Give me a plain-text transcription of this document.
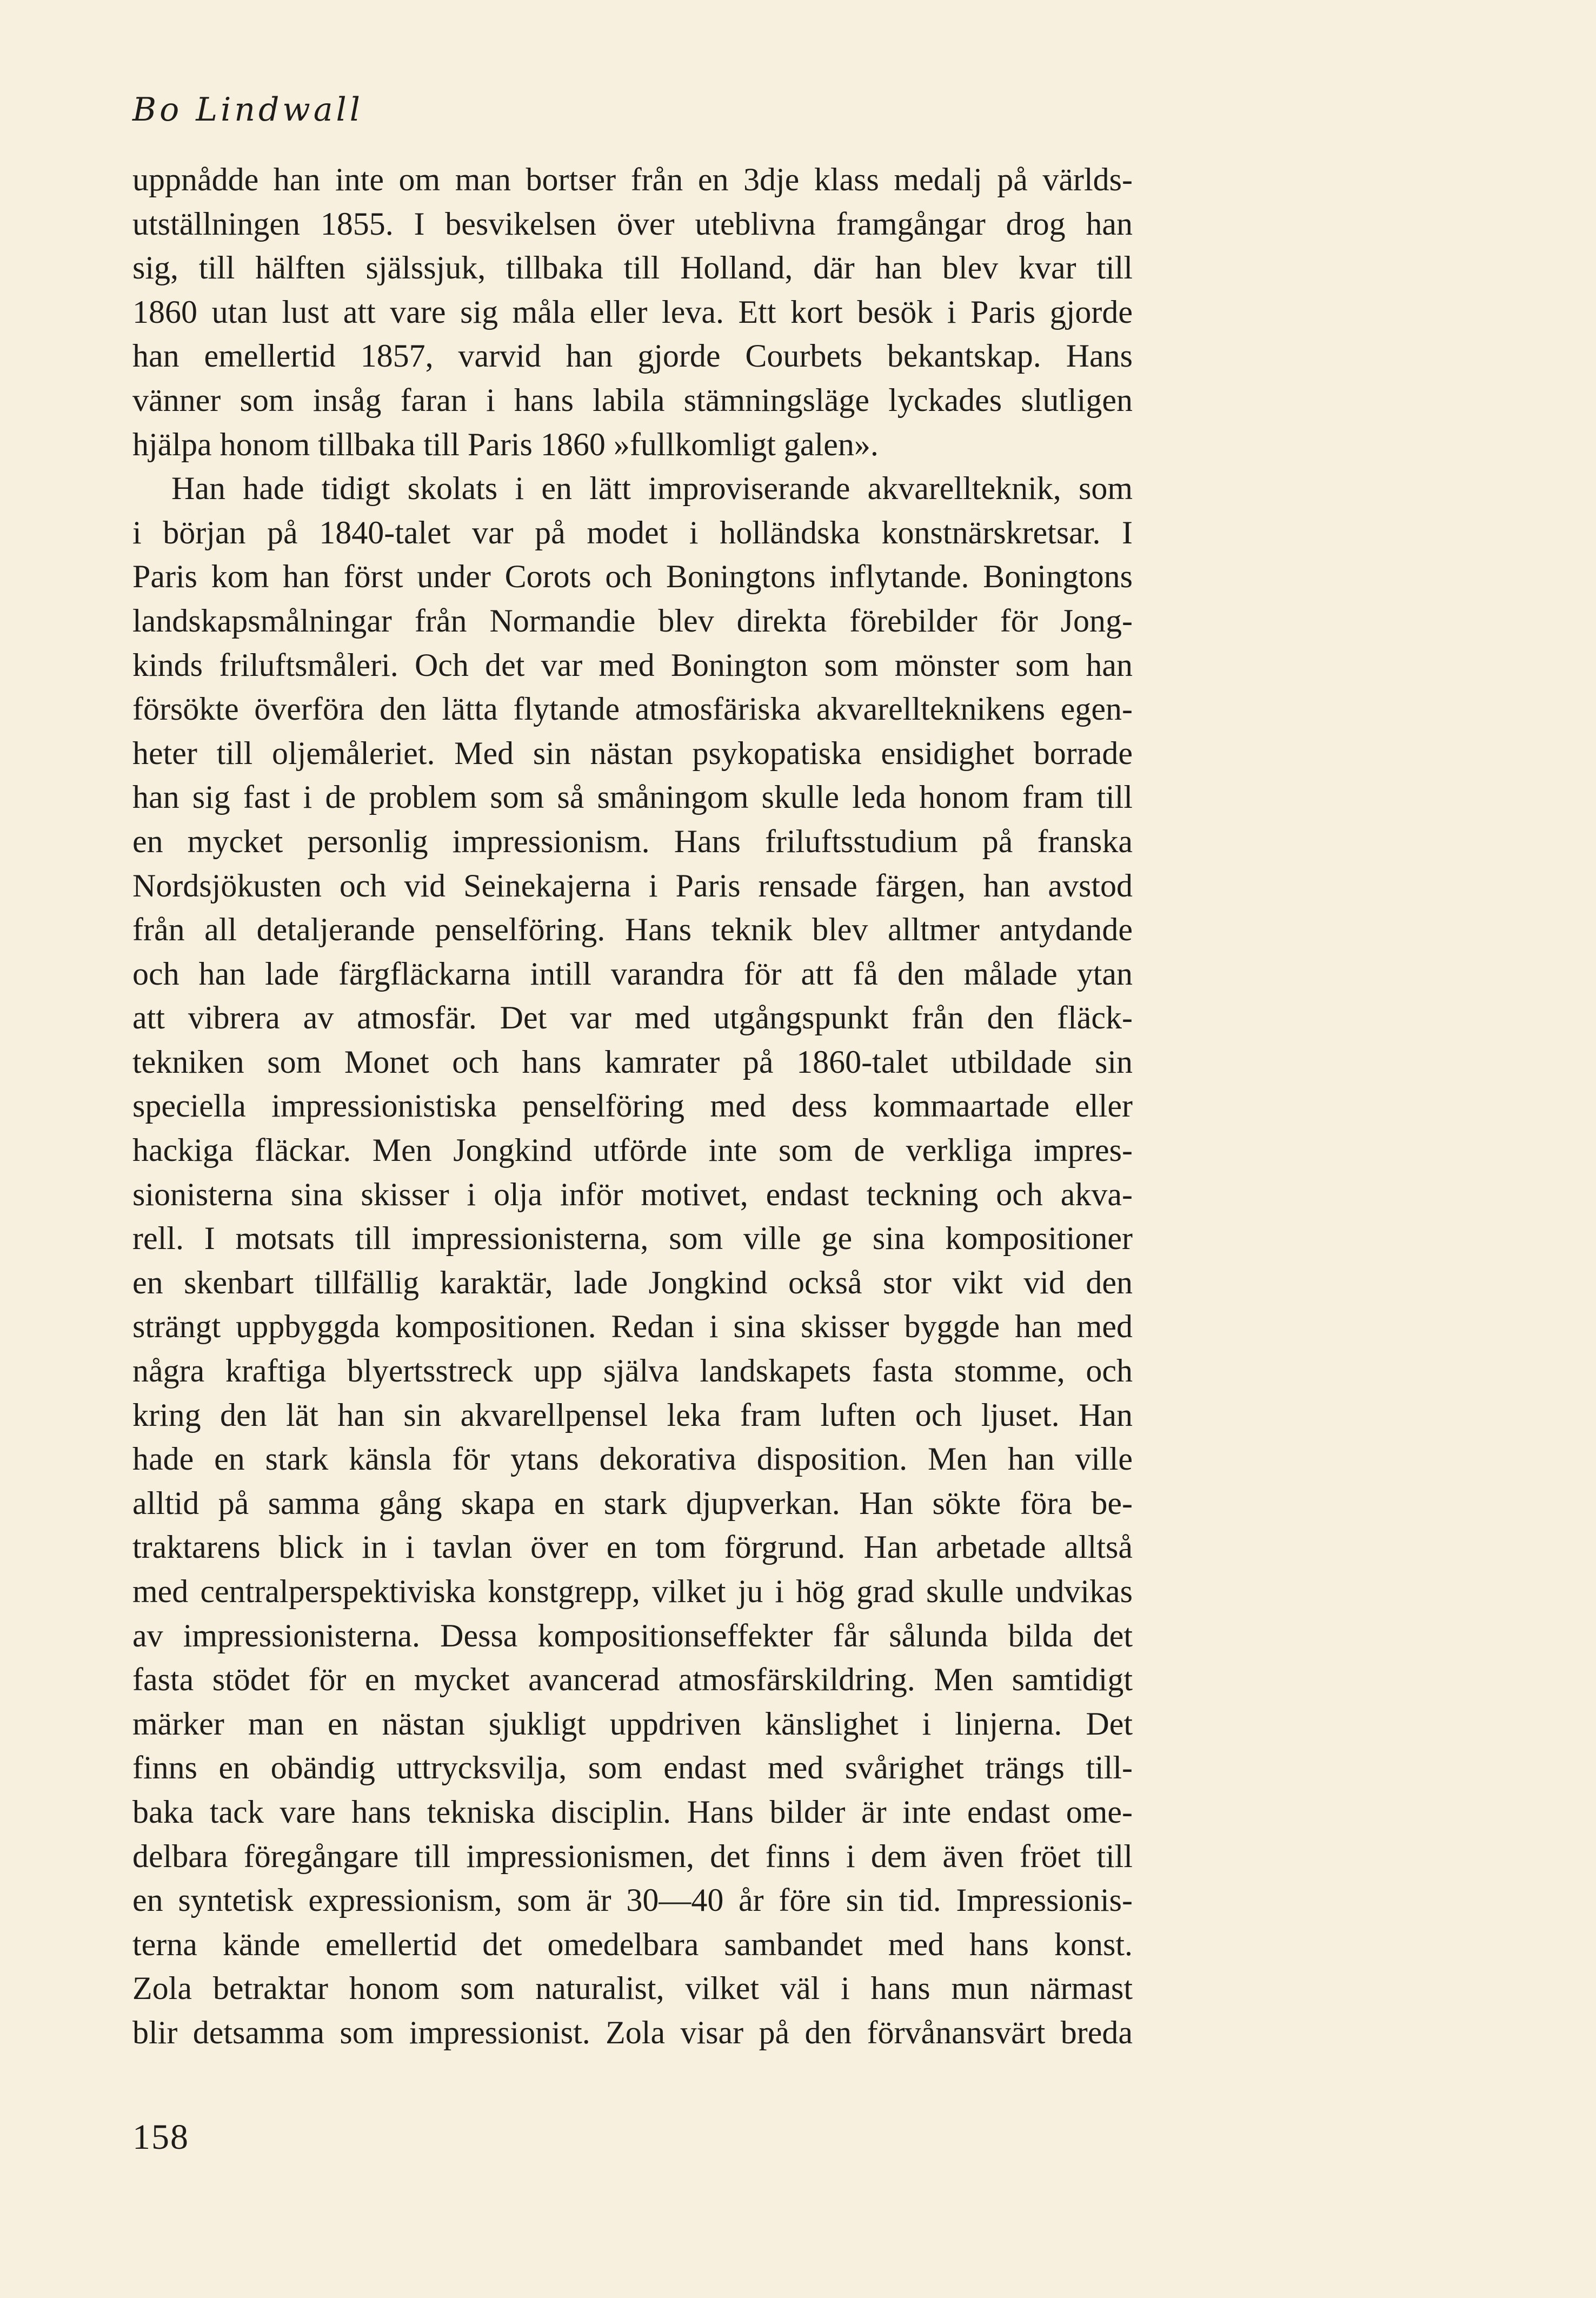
Bo Lindwall
uppnådde han inte om man bortser från en 3dje klass medalj på världs-
utställningen 1855. I besvikelsen över uteblivna framgångar drog han
sig, till hälften själssjuk, tillbaka till Holland, där han blev kvar till
1860 utan lust att vare sig måla eller leva. Ett kort besök i Paris gjorde
han emellertid 1857, varvid han gjorde Courbets bekantskap. Hans
vänner som insåg faran i hans labila stämningsläge lyckades slutligen
hjälpa honom tillbaka till Paris 1860 »fullkomligt galen».
Han hade tidigt skolats i en lätt improviserande akvarellteknik, som
i början på 1840-talet var på modet i holländska konstnärskretsar. I
Paris kom han först under Corots och Boningtons inflytande. Boningtons
landskapsmålningar från Normandie blev direkta förebilder för Jong-
kinds friluftsmåleri. Och det var med Bonington som mönster som han
försökte överföra den lätta flytande atmosfäriska akvarellteknikens egen-
heter till oljemåleriet. Med sin nästan psykopatiska ensidighet borrade
han sig fast i de problem som så småningom skulle leda honom fram till
en mycket personlig impressionism. Hans friluftsstudium på franska
Nordsjökusten och vid Seinekajerna i Paris rensade färgen, han avstod
från all detaljerande penselföring. Hans teknik blev alltmer antydande
och han lade färgfläckarna intill varandra för att få den målade ytan
att vibrera av atmosfär. Det var med utgångspunkt från den fläck-
tekniken som Monet och hans kamrater på 1860-talet utbildade sin
speciella impressionistiska penselföring med dess kommaartade eller
hackiga fläckar. Men Jongkind utförde inte som de verkliga impres-
sionisterna sina skisser i olja inför motivet, endast teckning och akva-
rell. I motsats till impressionisterna, som ville ge sina kompositioner
en skenbart tillfällig karaktär, lade Jongkind också stor vikt vid den
strängt uppbyggda kompositionen. Redan i sina skisser byggde han med
några kraftiga blyertsstreck upp själva landskapets fasta stomme, och
kring den lät han sin akvarellpensel leka fram luften och ljuset. Han
hade en stark känsla för ytans dekorativa disposition. Men han ville
alltid på samma gång skapa en stark djupverkan. Han sökte föra be-
traktarens blick in i tavlan över en tom förgrund. Han arbetade alltså
med centralperspektiviska konstgrepp, vilket ju i hög grad skulle undvikas
av impressionisterna. Dessa kompositionseffekter får sålunda bilda det
fasta stödet för en mycket avancerad atmosfärskildring. Men samtidigt
märker man en nästan sjukligt uppdriven känslighet i linjerna. Det
finns en obändig uttrycksvilja, som endast med svårighet trängs till-
baka tack vare hans tekniska disciplin. Hans bilder är inte endast ome-
delbara föregångare till impressionismen, det finns i dem även fröet till
en syntetisk expressionism, som är 30—40 år före sin tid. Impressionis-
terna kände emellertid det omedelbara sambandet med hans konst.
Zola betraktar honom som naturalist, vilket väl i hans mun närmast
blir detsamma som impressionist. Zola visar på den förvånansvärt breda
158
